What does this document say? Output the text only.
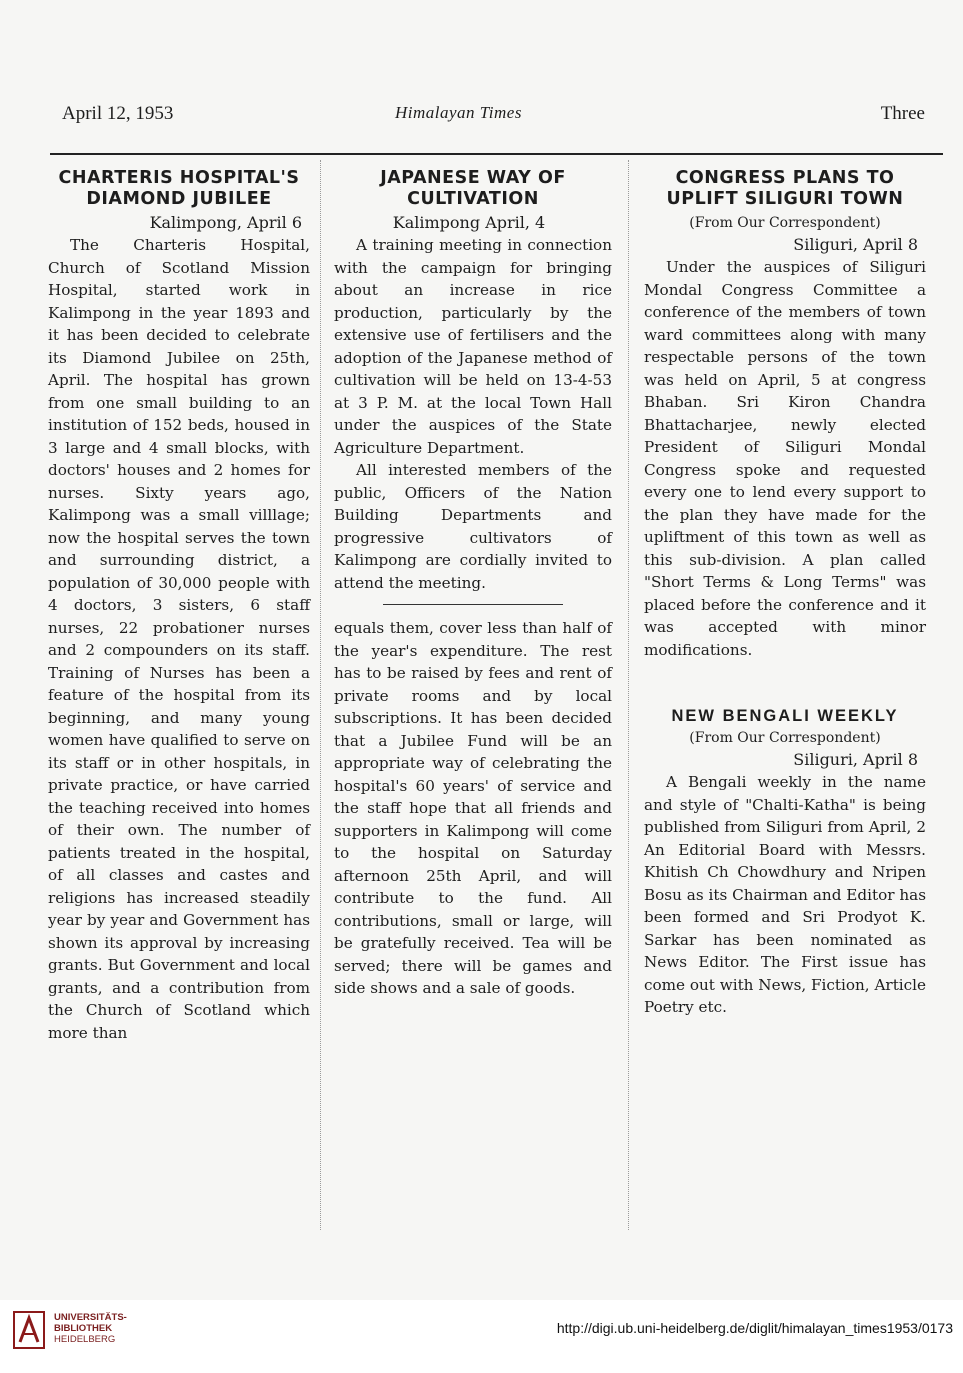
April 12, 1953	Himalayan Times	Three
CHARTERIS HOSPITAL'S DIAMOND JUBILEE
Kalimpong, April 6

The Charteris Hospital, Church of Scotland Mission Hospital, started work in Kalimpong in the year 1893 and it has been decided to celebrate its Diamond Jubilee on 25th, April. The hospital has grown from one small building to an institution of 152 beds, housed in 3 large and 4 small blocks, with doctors' houses and 2 homes for nurses. Sixty years ago, Kalimpong was a small villlage; now the hospital serves the town and surrounding district, a population of 30,000 people with 4 doctors, 3 sisters, 6 staff nurses, 22 probationer nurses and 2 compounders on its staff. Training of Nurses has been a feature of the hospital from its beginning, and many young women have qualified to serve on its staff or in other hospitals, in private practice, or have carried the teaching received into homes of their own. The number of patients treated in the hospital, of all classes and castes and religions has increased steadily year by year and Government has shown its approval by increasing grants. But Government and local grants, and a contribution from the Church of Scotland which more than

JAPANESE WAY OF CULTIVATION
Kalimpong April, 4

A training meeting in connection with the campaign for bringing about an increase in rice production, particularly by the extensive use of fertilisers and the adoption of the Japanese method of cultivation will be held on 13-4-53 at 3 P. M. at the local Town Hall under the auspices of the State Agriculture Department.

All interested members of the public, Officers of the Nation Building Departments and progressive cultivators of Kalimpong are cordially invited to attend the meeting.

equals them, cover less than half of the year's expenditure. The rest has to be raised by fees and rent of private rooms and by local subscriptions. It has been decided that a Jubilee Fund will be an appropriate way of celebrating the hospital's 60 years' of service and the staff hope that all friends and supporters in Kalimpong will come to the hospital on Saturday afternoon 25th April, and will contribute to the fund. All contributions, small or large, will be gratefully received. Tea will be served; there will be games and side shows and a sale of goods.

CONGRESS PLANS TO UPLIFT SILIGURI TOWN
(From Our Correspondent)
Siliguri, April 8

Under the auspices of Siliguri Mondal Congress Committee a conference of the members of town ward committees along with many respectable persons of the town was held on April, 5 at congress Bhaban. Sri Kiron Chandra Bhattacharjee, newly elected President of Siliguri Mondal Congress spoke and requested every one to lend every support to the plan they have made for the upliftment of this town as well as this sub-division. A plan called "Short Terms & Long Terms" was placed before the conference and it was accepted with minor modifications.

NEW BENGALI WEEKLY
(From Our Correspondent)
Siliguri, April 8

A Bengali weekly in the name and style of "Chalti-Katha" is being published from Siliguri from April, 2 An Editorial Board with Messrs. Khitish Ch Chowdhury and Nripen Bosu as its Chairman and Editor has been formed and Sri Prodyot K. Sarkar has been nominated as News Editor. The First issue has come out with News, Fiction, Article Poetry etc.

UNIVERSITÄTS-
BIBLIOTHEK
HEIDELBERG
http://digi.ub.uni-heidelberg.de/diglit/himalayan_times1953/0173
